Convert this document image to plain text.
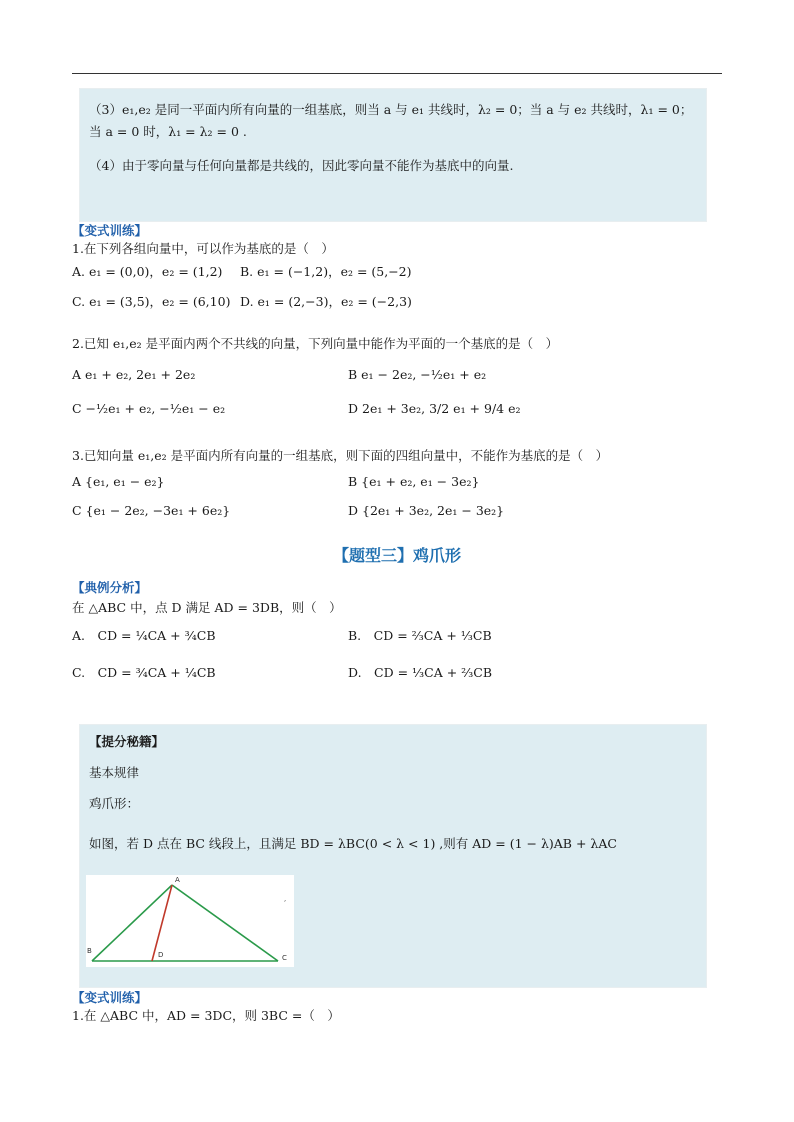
（3）e₁,e₂ 是同一平面内所有向量的一组基底，则当 a 与 e₁ 共线时，λ₂ = 0；当 a 与 e₂ 共线时，λ₁ = 0；
当 a = 0 时，λ₁ = λ₂ = 0 .
（4）由于零向量与任何向量都是共线的，因此零向量不能作为基底中的向量.
【变式训练】
1.在下列各组向量中，可以作为基底的是（　）
A. e₁ = (0,0)，e₂ = (1,2) B. e₁ = (−1,2)，e₂ = (5,−2)
C. e₁ = (3,5)，e₂ = (6,10) D. e₁ = (2,−3)，e₂ = (−2,3)
2.已知 e₁,e₂ 是平面内两个不共线的向量，下列向量中能作为平面的一个基底的是（　）
A e₁ + e₂, 2e₁ + 2e₂	B e₁ − 2e₂, −½e₁ + e₂
C −½e₁ + e₂, −½e₁ − e₂	D 2e₁ + 3e₂, 3/2 e₁ + 9/4 e₂
3.已知向量 e₁,e₂ 是平面内所有向量的一组基底，则下面的四组向量中，不能作为基底的是（　）
A {e₁, e₁ − e₂}	B {e₁ + e₂, e₁ − 3e₂}
C {e₁ − 2e₂, −3e₁ + 6e₂}	D {2e₁ + 3e₂, 2e₁ − 3e₂}
【题型三】鸡爪形
【典例分析】
在 △ABC 中，点 D 满足 AD = 3DB，则（　）
A.　CD = ¼CA + ¾CB	B.　CD = ⅔CA + ⅓CB
C.　CD = ¾CA + ¼CB	D.　CD = ⅓CA + ⅔CB
【提分秘籍】
基本规律
鸡爪形：
如图，若 D 点在 BC 线段上，且满足 BD = λBC(0 < λ < 1) ,则有 AD = (1 − λ)AB + λAC
,
A
B
C
D
【变式训练】
1.在 △ABC 中，AD = 3DC，则 3BC =（　）
